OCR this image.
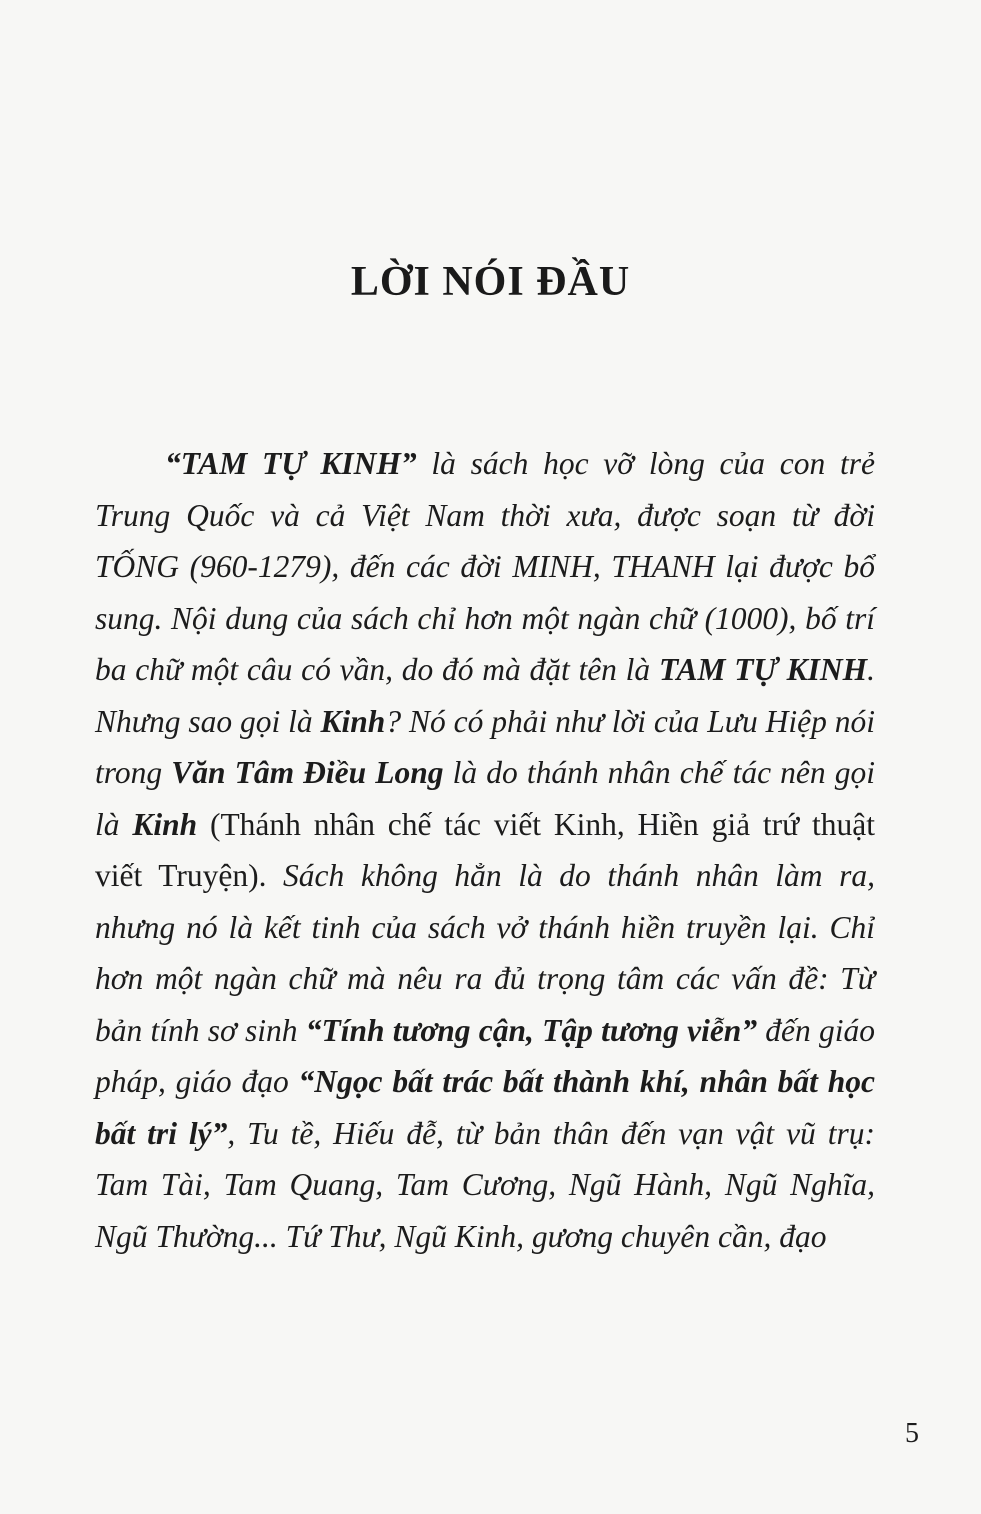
LỜI NÓI ĐẦU

“TAM TỰ KINH” là sách học vỡ lòng của con trẻ Trung Quốc và cả Việt Nam thời xưa, được soạn từ đời TỐNG (960-1279), đến các đời MINH, THANH lại được bổ sung. Nội dung của sách chỉ hơn một ngàn chữ (1000), bố trí ba chữ một câu có vần, do đó mà đặt tên là TAM TỰ KINH. Nhưng sao gọi là Kinh? Nó có phải như lời của Lưu Hiệp nói trong Văn Tâm Điều Long là do thánh nhân chế tác nên gọi là Kinh (Thánh nhân chế tác viết Kinh, Hiền giả trứ thuật viết Truyện). Sách không hẳn là do thánh nhân làm ra, nhưng nó là kết tinh của sách vở thánh hiền truyền lại. Chỉ hơn một ngàn chữ mà nêu ra đủ trọng tâm các vấn đề: Từ bản tính sơ sinh “Tính tương cận, Tập tương viễn” đến giáo pháp, giáo đạo “Ngọc bất trác bất thành khí, nhân bất học bất tri lý”, Tu tề, Hiếu đễ, từ bản thân đến vạn vật vũ trụ: Tam Tài, Tam Quang, Tam Cương, Ngũ Hành, Ngũ Nghĩa, Ngũ Thường... Tứ Thư, Ngũ Kinh, gương chuyên cần, đạo

5
